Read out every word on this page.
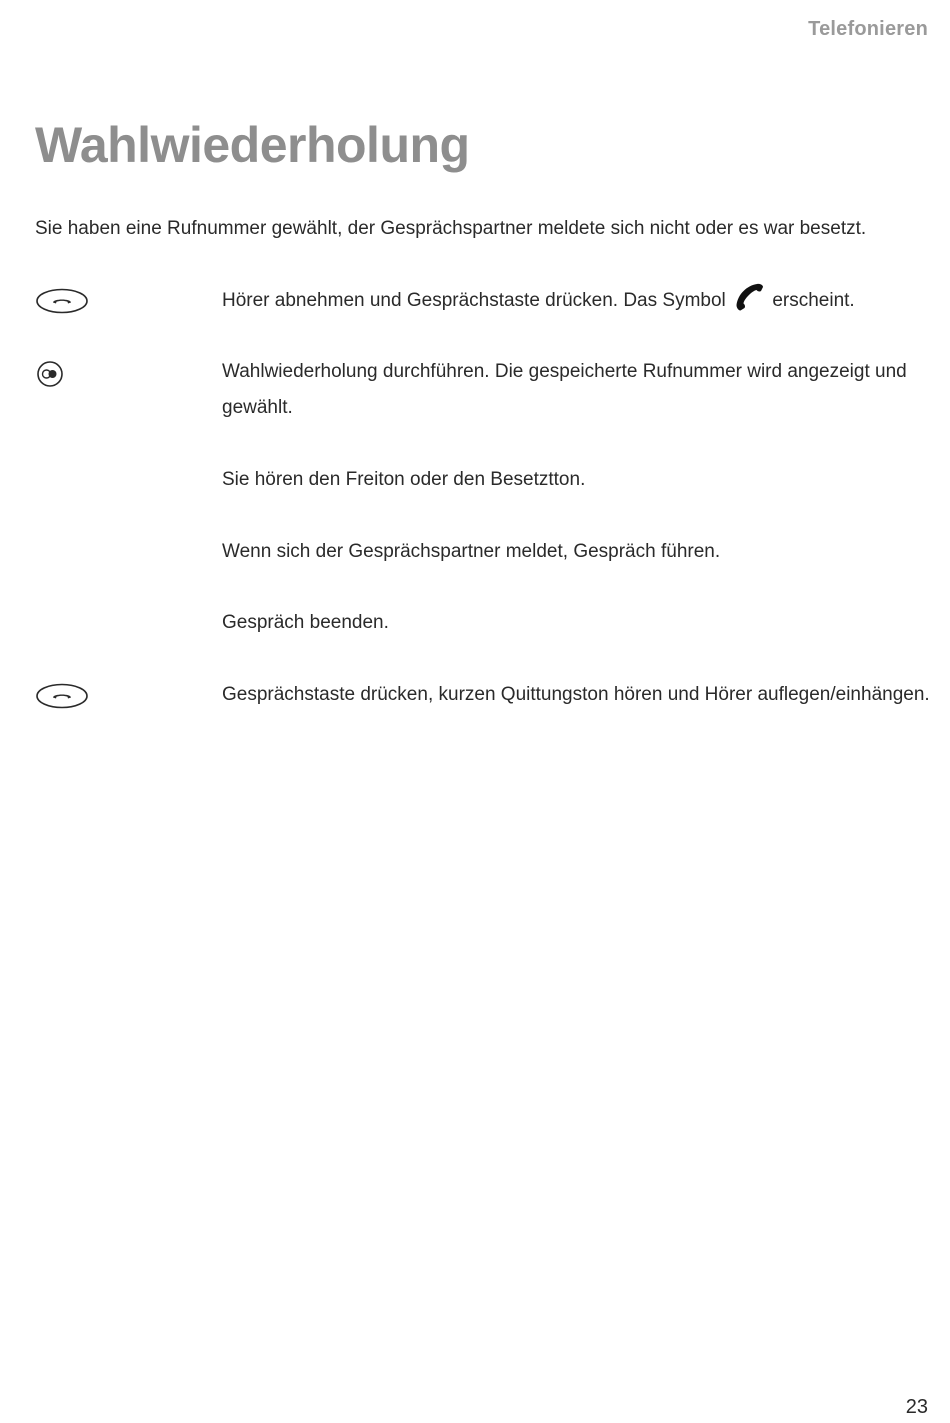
Telefonieren
Wahlwiederholung

Sie haben eine Rufnummer gewählt, der Gesprächspartner meldete sich nicht oder es war besetzt.

Hörer abnehmen und Gesprächstaste drücken. Das Symbol erscheint.

Wahlwiederholung durchführen. Die gespeicherte Rufnummer wird angezeigt und gewählt.

Sie hören den Freiton oder den Besetztton.

Wenn sich der Gesprächspartner meldet, Gespräch führen.

Gespräch beenden.

Gesprächstaste drücken, kurzen Quittungston hören und Hörer auflegen/einhängen.

23
